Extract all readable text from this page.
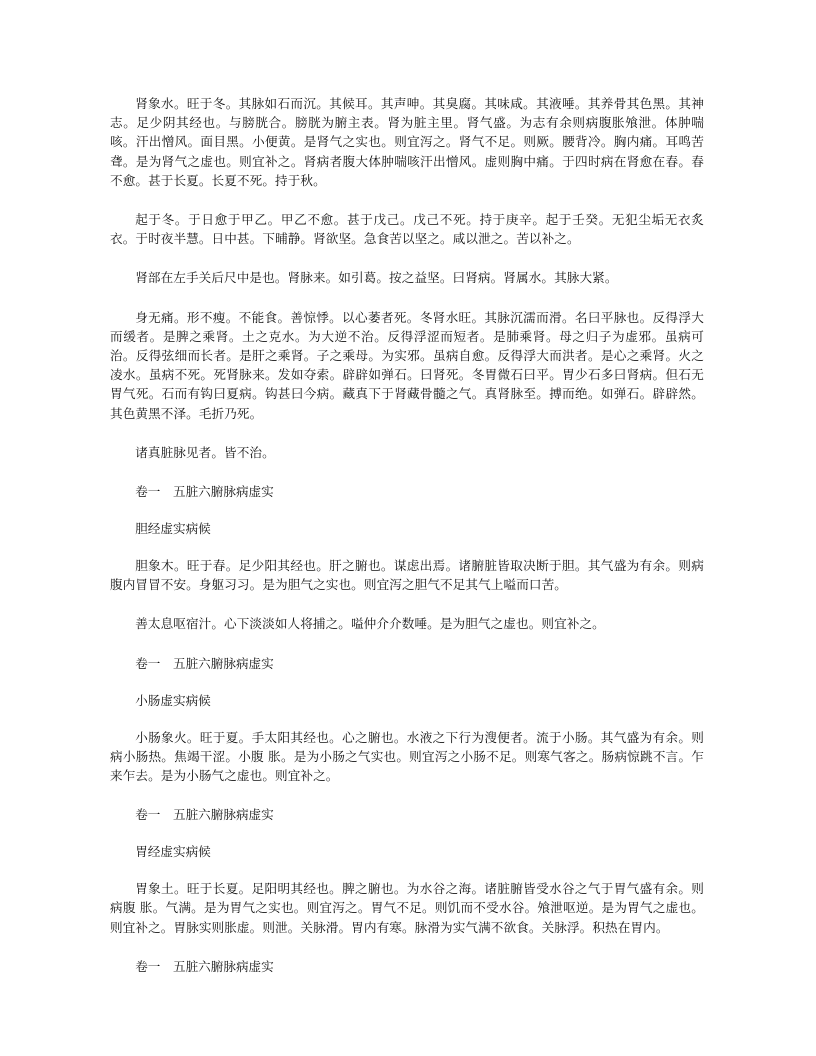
肾象水。旺于冬。其脉如石而沉。其候耳。其声呻。其臭腐。其味咸。其液唾。其养骨其色黑。其神志。足少阴其经也。与膀胱合。膀胱为腑主表。肾为脏主里。肾气盛。为志有余则病腹胀飧泄。体肿喘咳。汗出憎风。面目黑。小便黄。是肾气之实也。则宜泻之。肾气不足。则厥。腰背冷。胸内痛。耳鸣苦聋。是为肾气之虚也。则宜补之。肾病者腹大体肿喘咳汗出憎风。虚则胸中痛。于四时病在肾愈在春。春不愈。甚于长夏。长夏不死。持于秋。

起于冬。于日愈于甲乙。甲乙不愈。甚于戊己。戊己不死。持于庚辛。起于壬癸。无犯尘垢无衣炙衣。于时夜半慧。日中甚。下晡静。肾欲坚。急食苦以坚之。咸以泄之。苦以补之。

肾部在左手关后尺中是也。肾脉来。如引葛。按之益坚。曰肾病。肾属水。其脉大紧。

身无痛。形不瘦。不能食。善惊悸。以心萎者死。冬肾水旺。其脉沉濡而滑。名曰平脉也。反得浮大而缓者。是脾之乘肾。土之克水。为大逆不治。反得浮涩而短者。是肺乘肾。母之归子为虚邪。虽病可治。反得弦细而长者。是肝之乘肾。子之乘母。为实邪。虽病自愈。反得浮大而洪者。是心之乘肾。火之凌水。虽病不死。死肾脉来。发如夺索。辟辟如弹石。曰肾死。冬胃微石曰平。胃少石多曰肾病。但石无胃气死。石而有钩曰夏病。钩甚曰今病。藏真下于肾藏骨髓之气。真肾脉至。搏而绝。如弹石。辟辟然。其色黄黑不泽。毛折乃死。

诸真脏脉见者。皆不治。

卷一　五脏六腑脉病虚实

胆经虚实病候

胆象木。旺于春。足少阳其经也。肝之腑也。谋虑出焉。诸腑脏皆取决断于胆。其气盛为有余。则病腹内冒冒不安。身躯习习。是为胆气之实也。则宜泻之胆气不足其气上嗌而口苦。

善太息呕宿汁。心下淡淡如人将捕之。嗌仲介介数唾。是为胆气之虚也。则宜补之。

卷一　五脏六腑脉病虚实

小肠虚实病候

小肠象火。旺于夏。手太阳其经也。心之腑也。水液之下行为溲便者。流于小肠。其气盛为有余。则病小肠热。焦竭干涩。小腹 胀。是为小肠之气实也。则宜泻之小肠不足。则寒气客之。肠病惊跳不言。乍来乍去。是为小肠气之虚也。则宜补之。

卷一　五脏六腑脉病虚实

胃经虚实病候

胃象土。旺于长夏。足阳明其经也。脾之腑也。为水谷之海。诸脏腑皆受水谷之气于胃气盛有余。则病腹 胀。气满。是为胃气之实也。则宜泻之。胃气不足。则饥而不受水谷。飧泄呕逆。是为胃气之虚也。则宜补之。胃脉实则胀虚。则泄。关脉滑。胃内有寒。脉滑为实气满不欲食。关脉浮。积热在胃内。

卷一　五脏六腑脉病虚实
